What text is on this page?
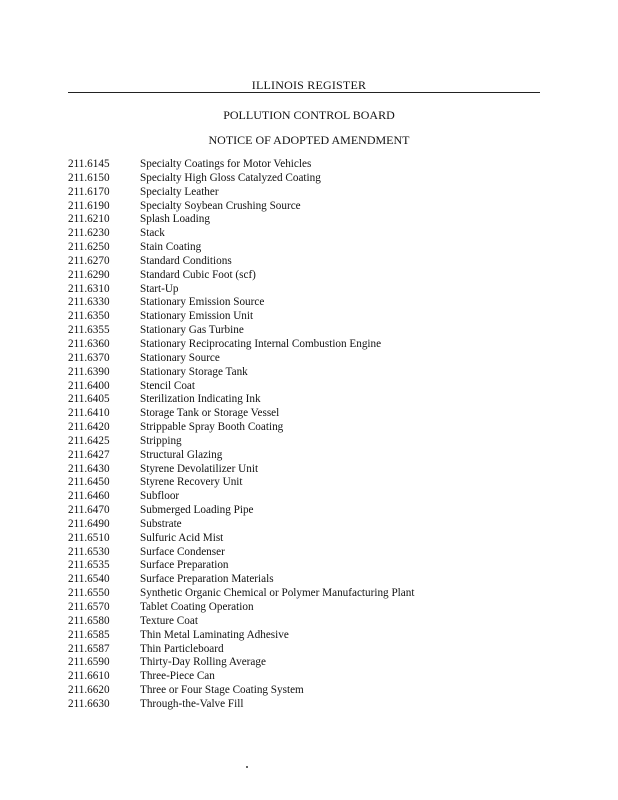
ILLINOIS REGISTER
POLLUTION CONTROL BOARD
NOTICE OF ADOPTED AMENDMENT
211.6145	Specialty Coatings for Motor Vehicles
211.6150	Specialty High Gloss Catalyzed Coating
211.6170	Specialty Leather
211.6190	Specialty Soybean Crushing Source
211.6210	Splash Loading
211.6230	Stack
211.6250	Stain Coating
211.6270	Standard Conditions
211.6290	Standard Cubic Foot (scf)
211.6310	Start-Up
211.6330	Stationary Emission Source
211.6350	Stationary Emission Unit
211.6355	Stationary Gas Turbine
211.6360	Stationary Reciprocating Internal Combustion Engine
211.6370	Stationary Source
211.6390	Stationary Storage Tank
211.6400	Stencil Coat
211.6405	Sterilization Indicating Ink
211.6410	Storage Tank or Storage Vessel
211.6420	Strippable Spray Booth Coating
211.6425	Stripping
211.6427	Structural Glazing
211.6430	Styrene Devolatilizer Unit
211.6450	Styrene Recovery Unit
211.6460	Subfloor
211.6470	Submerged Loading Pipe
211.6490	Substrate
211.6510	Sulfuric Acid Mist
211.6530	Surface Condenser
211.6535	Surface Preparation
211.6540	Surface Preparation Materials
211.6550	Synthetic Organic Chemical or Polymer Manufacturing Plant
211.6570	Tablet Coating Operation
211.6580	Texture Coat
211.6585	Thin Metal Laminating Adhesive
211.6587	Thin Particleboard
211.6590	Thirty-Day Rolling Average
211.6610	Three-Piece Can
211.6620	Three or Four Stage Coating System
211.6630	Through-the-Valve Fill
